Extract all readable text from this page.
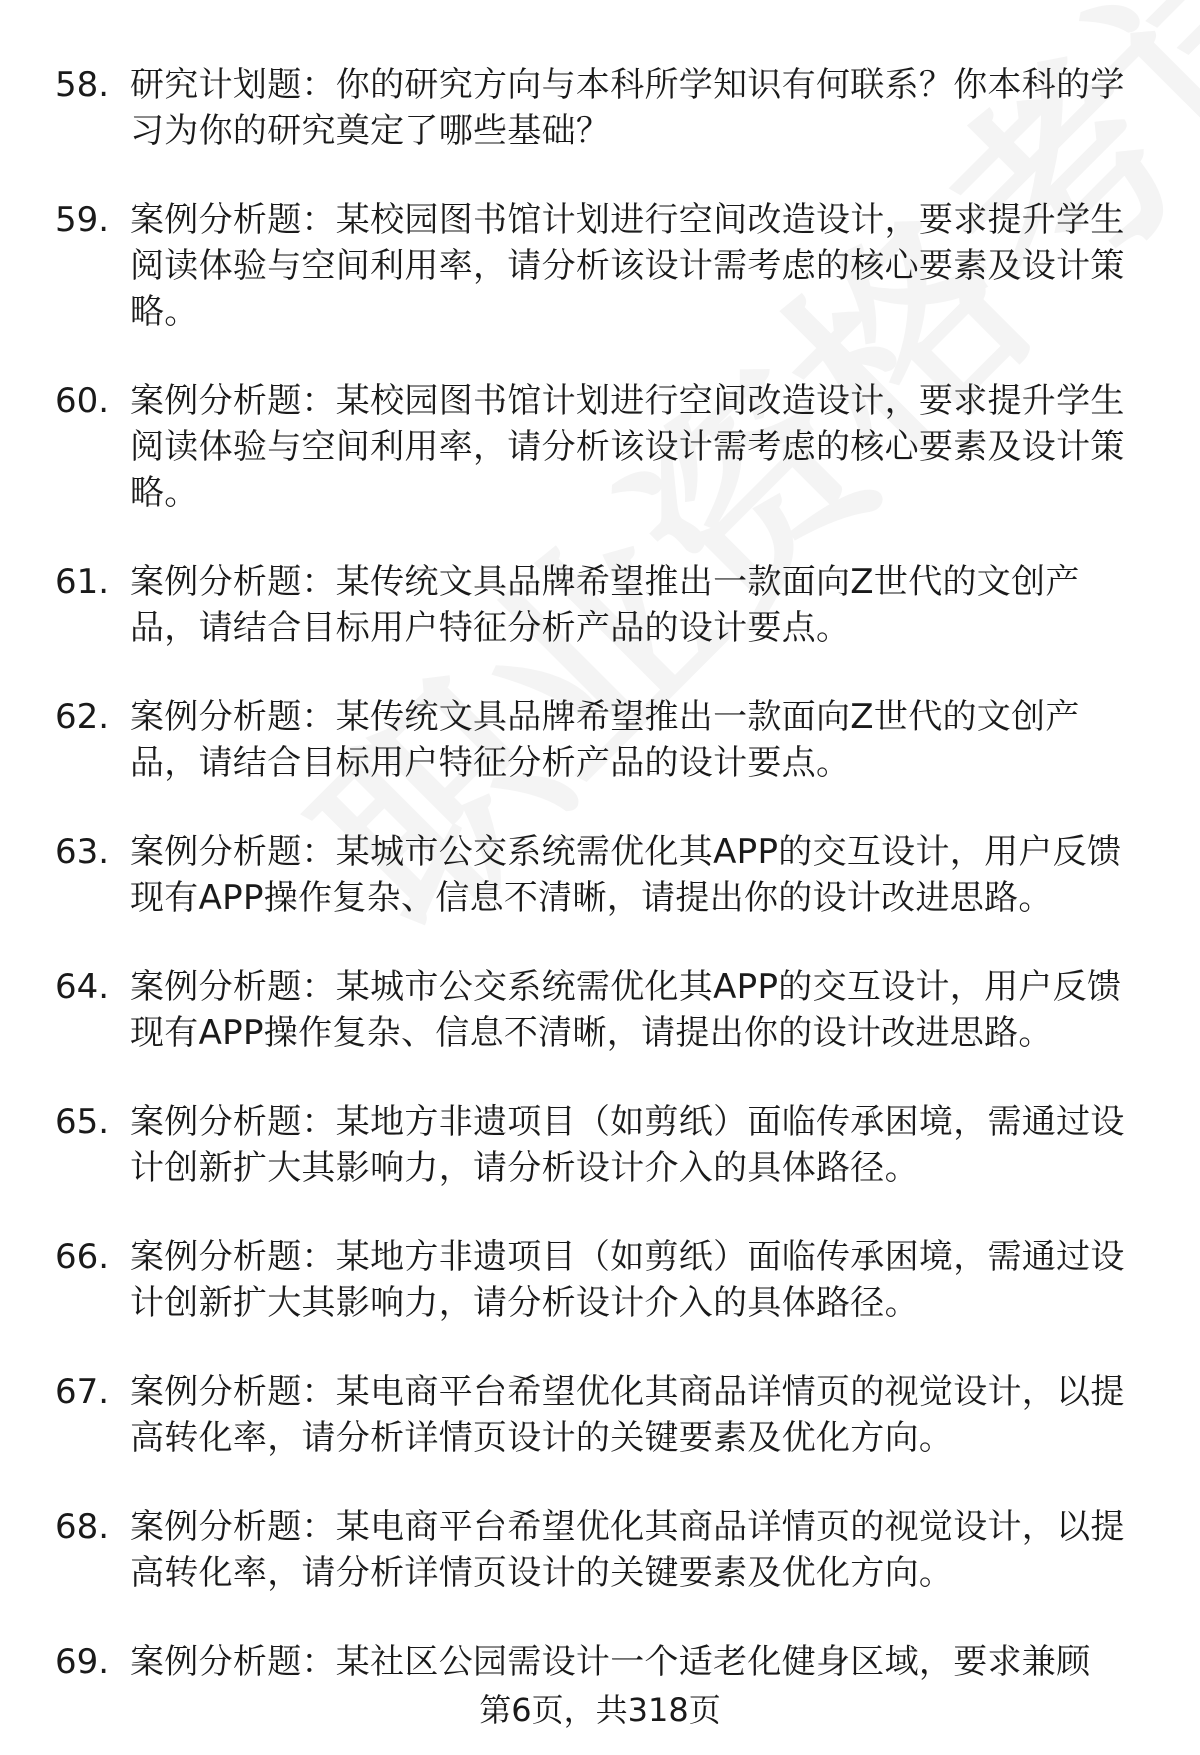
58. 研究计划题：你的研究方向与本科所学知识有何联系？你本科的学习为你的研究奠定了哪些基础？
59. 案例分析题：某校园图书馆计划进行空间改造设计，要求提升学生阅读体验与空间利用率，请分析该设计需考虑的核心要素及设计策略。
60. 案例分析题：某校园图书馆计划进行空间改造设计，要求提升学生阅读体验与空间利用率，请分析该设计需考虑的核心要素及设计策略。
61. 案例分析题：某传统文具品牌希望推出一款面向Z世代的文创产品，请结合目标用户特征分析产品的设计要点。
62. 案例分析题：某传统文具品牌希望推出一款面向Z世代的文创产品，请结合目标用户特征分析产品的设计要点。
63. 案例分析题：某城市公交系统需优化其APP的交互设计，用户反馈现有APP操作复杂、信息不清晰，请提出你的设计改进思路。
64. 案例分析题：某城市公交系统需优化其APP的交互设计，用户反馈现有APP操作复杂、信息不清晰，请提出你的设计改进思路。
65. 案例分析题：某地方非遗项目（如剪纸）面临传承困境，需通过设计创新扩大其影响力，请分析设计介入的具体路径。
66. 案例分析题：某地方非遗项目（如剪纸）面临传承困境，需通过设计创新扩大其影响力，请分析设计介入的具体路径。
67. 案例分析题：某电商平台希望优化其商品详情页的视觉设计，以提高转化率，请分析详情页设计的关键要素及优化方向。
68. 案例分析题：某电商平台希望优化其商品详情页的视觉设计，以提高转化率，请分析详情页设计的关键要素及优化方向。
69. 案例分析题：某社区公园需设计一个适老化健身区域，要求兼顾
第6页，共318页
